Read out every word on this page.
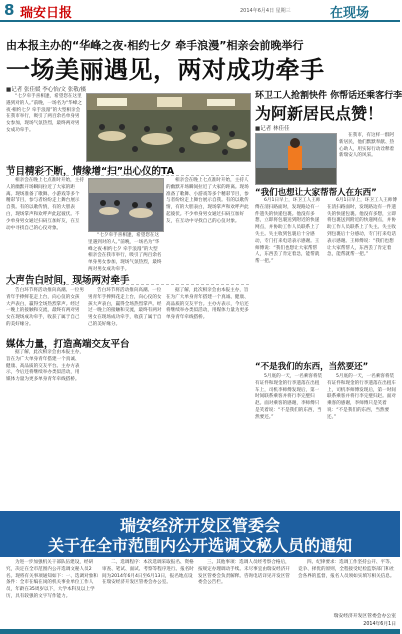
8 瑞安日报	2014年6月4日 星期三	在现场
由本报主办的“华峰之夜·相约七夕 牵手浪漫”相亲会前晚举行
一场美丽遇见，两对成功牵手
■记者 张佳媛 李心怡/文 张敬/摄

“七夕牵手喜相逢，希望您在这里遇到对的人。”前晚，一场名为“华峰之夜·相约七夕 牵手浪漫”的大型相亲会在我市举行，吸引了两百余名单身男女参加，现场气氛热烈，最终两对男女成功牵手。

节目精彩不断，情缘增“扫”出心仪的TA

相亲会在晚上七点准时开始，主持人的幽默开场瞬间拉近了大家的距离。现场准备了歌舞、小游戏等多个精彩节目，参与者纷纷走上舞台展示自我。有的以歌传情，有的大胆表白，现场掌声和欢呼声此起彼伏。不少单身男女通过扫码互加好友，在互动中寻找自己的心仪对象。

“七夕牵手喜相逢，希望您在这里遇到对的人。”前晚，一场名为“华峰之夜·相约七夕 牵手浪漫”的大型相亲会在我市举行，吸引了两百余名单身男女参加，现场气氛热烈，最终两对男女成功牵手。

相亲会在晚上七点准时开始，主持人的幽默开场瞬间拉近了大家的距离。现场准备了歌舞、小游戏等多个精彩节目，参与者纷纷走上舞台展示自我。有的以歌传情，有的大胆表白，现场掌声和欢呼声此起彼伏。不少单身男女通过扫码互加好友，在互动中寻找自己的心仪对象。

大声告白时间，现场两对牵手

告白环节将活动推向高潮。一位男青年手捧鲜花走上台，向心仪的女孩大声表白，赢得全场热烈掌声。经过一晚上的接触和交流，最终有两对男女在现场成功牵手，收获了属于自己的美好缘分。

媒体力量，打造高端交友平台

据了解，此次相亲会由本报主办，旨在为广大单身青年搭建一个真诚、健康、高品质的交友平台。主办方表示，今后还将继续举办类似活动，用媒体力量为更多单身青年牵线搭桥。

告白环节将活动推向高潮。一位男青年手捧鲜花走上台，向心仪的女孩大声表白，赢得全场热烈掌声。经过一晚上的接触和交流，最终有两对男女在现场成功牵手，收获了属于自己的美好缘分。

据了解，此次相亲会由本报主办，旨在为广大单身青年搭建一个真诚、健康、高品质的交友平台。主办方表示，今后还将继续举办类似活动，用媒体力量为更多单身青年牵线搭桥。

环卫工人抢割快件 你帮话还乘客行李
为阿新居民点赞！
■记者 林佳佳

在我市，有这样一群阿新居民，他们默默奉献、热心助人，用实际行动诠释着新瑞安人的风采。

“我们也想让大家帮帮人在东西”

6月1日早上，环卫工人王师傅在清扫路面时，发现路边有一件遗失的快递包裹。他没有多想，立即将包裹送到附近的快递网点，并协助工作人员联系上了失主。失主收到包裹后十分感动，专门打来电话表示感谢。王师傅说：“我们也想让大家帮帮人，东西丢了肯定着急，能帮就帮一把。”

6月1日早上，环卫工人王师傅在清扫路面时，发现路边有一件遗失的快递包裹。他没有多想，立即将包裹送到附近的快递网点，并协助工作人员联系上了失主。失主收到包裹后十分感动，专门打来电话表示感谢。王师傅说：“我们也想让大家帮帮人，东西丢了肯定着急，能帮就帮一把。”

“不是我们的东西，当然要还”

5月底的一天，一名乘客将装有证件和现金的行李遗落在出租车上，司机李师傅发现后，第一时间联系乘客并将行李完璧归赵。面对乘客的感谢，李师傅只是笑着说：“不是我们的东西，当然要还。”

5月底的一天，一名乘客将装有证件和现金的行李遗落在出租车上，司机李师傅发现后，第一时间联系乘客并将行李完璧归赵。面对乘客的感谢，李师傅只是笑着说：“不是我们的东西，当然要还。”

瑞安经济开发区管委会
关于在全市范围内公开选调文秘人员的通知

为进一步加强机关干部队伍建设，经研究，决定在全市范围内公开选调文秘人员2名。现将有关事项通知如下：一、选调对象和条件：全市在编在岗的机关事业单位工作人员，年龄在35周岁以下，大学本科及以上学历，具有较强的文字写作能力。

二、选调程序：本次选调采取报名、资格审查、笔试、面试、考察等程序进行。报名时间为2014年6月4日至6月13日，报名地点设在瑞安经济开发区管委会办公室。

三、其他事项：选调人员经考察合格后，按规定办理调动手续。未尽事宜由瑞安经济开发区管委会负责解释。咨询电话详见开发区管委会公告栏。

四、纪律要求：选调工作坚持公开、平等、竞争、择优的原则，全程接受纪检监察部门和社会各界的监督，报名人员须如实填写相关信息。

瑞安经济开发区管委会办公室
2014年6月1日
